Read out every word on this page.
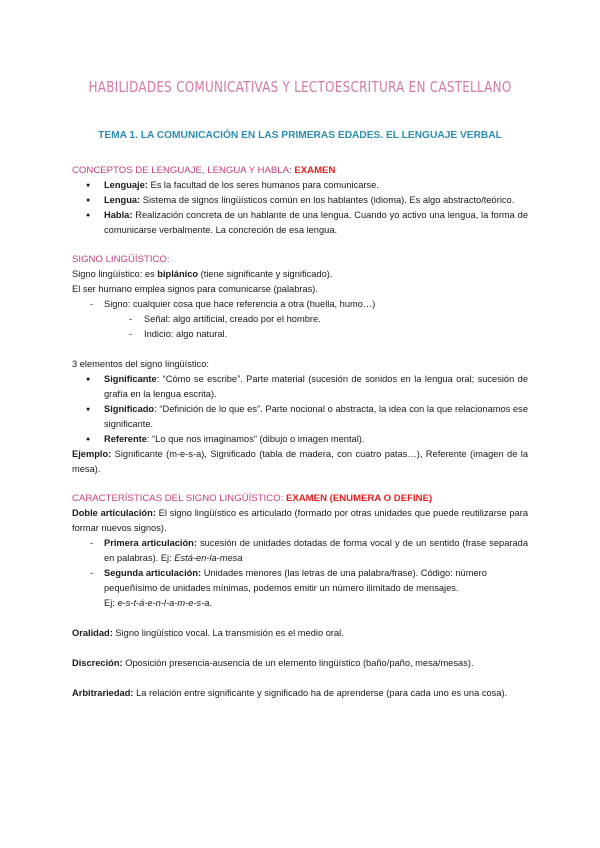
HABILIDADES COMUNICATIVAS Y LECTOESCRITURA EN CASTELLANO
TEMA 1. LA COMUNICACIÓN EN LAS PRIMERAS EDADES. EL LENGUAJE VERBAL
CONCEPTOS DE LENGUAJE, LENGUA Y HABLA: EXAMEN
● Lenguaje: Es la facultad de los seres humanos para comunicarse.
● Lengua: Sistema de signos lingüísticos común en los hablantes (idioma). Es algo abstracto/teórico.
● Habla: Realización concreta de un hablante de una lengua. Cuando yo activo una lengua, la forma de comunicarse verbalmente. La concreción de esa lengua.
SIGNO LINGÜÍSTICO:

Signo lingüístico: es biplánico (tiene significante y significado).

El ser humano emplea signos para comunicarse (palabras).

- Signo: cualquier cosa que hace referencia a otra (huella, humo…)
- Señal: algo artificial, creado por el hombre.
- Indicio: algo natural.

3 elementos del signo lingüístico:

● Significante: “Cómo se escribe”. Parte material (sucesión de sonidos en la lengua oral; sucesión de grafía en la lengua escrita).
● Significado: “Definición de lo que es”. Parte nocional o abstracta, la idea con la que relacionamos ese significante.
● Referente: “Lo que nos imaginamos” (dibujo o imagen mental).

Ejemplo: Significante (m-e-s-a), Significado (tabla de madera, con cuatro patas…), Referente (imagen de la mesa).

CARACTERÍSTICAS DEL SIGNO LINGÜÍSTICO: EXAMEN (ENUMERA O DEFINE)

Doble articulación: El signo lingüístico es articulado (formado por otras unidades que puede reutilizarse para formar nuevos signos).

- Primera articulación: sucesión de unidades dotadas de forma vocal y de un sentido (frase separada en palabras). Ej: Está-en-la-mesa
- Segunda articulación: Unidades menores (las letras de una palabra/frase). Código: número pequeñísimo de unidades mínimas, podemos emitir un número ilimitado de mensajes.
Ej: e-s-t-á-e-n-l-a-m-e-s-a.

Oralidad: Signo lingüístico vocal. La transmisión es el medio oral.

Discreción: Oposición presencia-ausencia de un elemento lingüístico (baño/paño, mesa/mesas).

Arbitrariedad: La relación entre significante y significado ha de aprenderse (para cada uno es una cosa).
